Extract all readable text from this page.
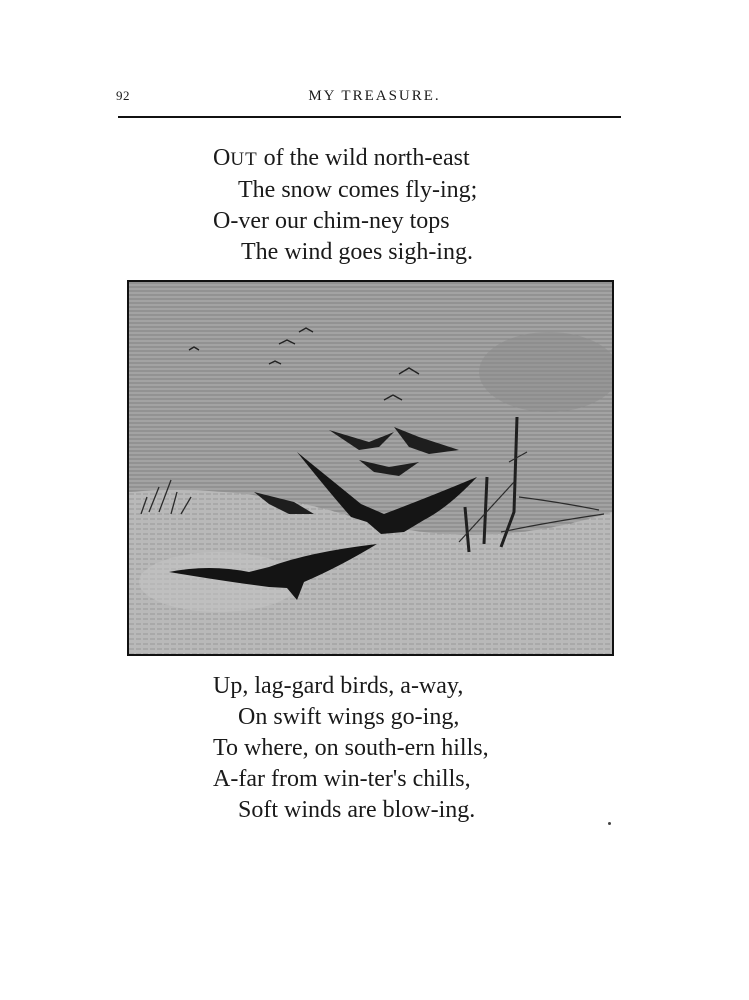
92	MY TREASURE.
OUT of the wild north-east
The snow comes fly-ing;
O-ver our chim-ney tops
The wind goes sigh-ing.
Up, lag-gard birds, a-way,
On swift wings go-ing,
To where, on south-ern hills,
A-far from win-ter's chills,
Soft winds are blow-ing.
